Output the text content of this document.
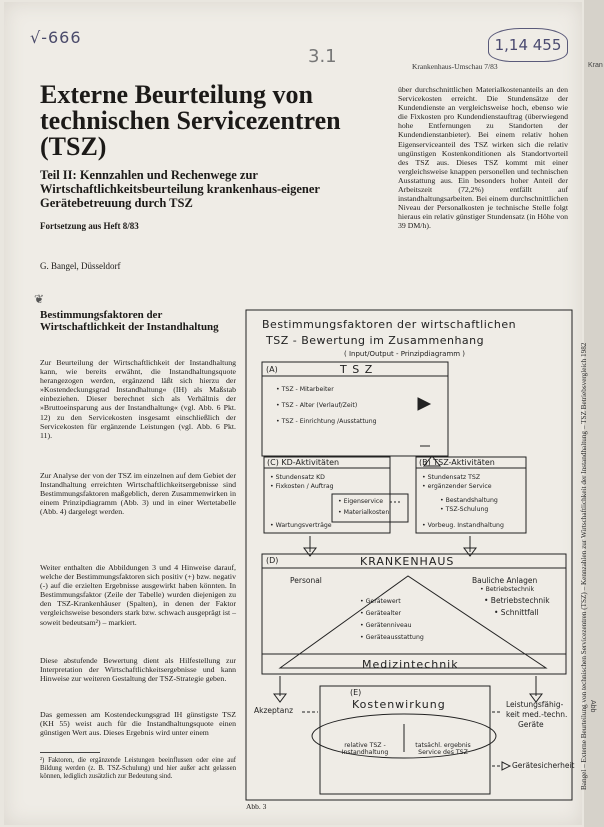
Kran
Abb
√-666
3.1
1,14 455
Krankenhaus-Umschau 7/83
Externe Beurteilung von technischen Servicezentren (TSZ)
Teil II: Kennzahlen und Rechenwege zur Wirtschaftlichkeitsbeurteilung krankenhaus-eigener Gerätebetreuung durch TSZ
Fortsetzung aus Heft 8/83
G. Bangel, Düsseldorf
❦
Bestimmungsfaktoren der Wirtschaftlichkeit der Instandhaltung

Zur Beurteilung der Wirtschaftlichkeit der Instandhaltung kann, wie bereits erwähnt, die Instandhaltungsquote herangezogen werden, ergänzend läßt sich hierzu der »Kostendeckungsgrad Instandhaltung« (IH) als Maßstab einbeziehen. Dieser berechnet sich als Verhältnis der »Bruttoeinsparung aus der Instandhaltung« (vgl. Abb. 6 Pkt. 12) zu den Servicekosten insgesamt einschließlich der Servicekosten für ergänzende Leistungen (vgl. Abb. 6 Pkt. 11).

Zur Analyse der von der TSZ im einzelnen auf dem Gebiet der Instandhaltung erreichten Wirtschaftlichkeitsergebnisse sind Bestimmungsfaktoren maßgeblich, deren Zusammenwirken in einem Prinzipdiagramm (Abb. 3) und in einer Wertetabelle (Abb. 4) dargelegt werden.

Weiter enthalten die Abbildungen 3 und 4 Hinweise darauf, welche der Bestimmungsfaktoren sich positiv (+) bzw. negativ (-) auf die erzielten Ergebnisse ausgewirkt haben könnten. In Bestimmungsfaktor (Zeile der Tabelle) wurden diejenigen zu den TSZ-Krankenhäuser (Spalten), in denen der Faktor vergleichsweise besonders stark bzw. schwach ausgeprägt ist – soweit bedeutsam²) – markiert.

Diese abstufende Bewertung dient als Hilfestellung zur Interpretation der Wirtschaftlichkeitsergebnisse und kann Hinweise zur weiteren Gestaltung der TSZ-Strategie geben.

Das gemessen am Kostendeckungsgrad IH günstigste TSZ (KH 55) weist auch für die Instandhaltungsquote einen günstigen Wert aus. Dieses Ergebnis wird unter einem

²) Faktoren, die ergänzende Leistungen beeinflussen oder eine auf Bildung werden (z. B. TSZ-Schulung) und hier außer acht gelassen können, lediglich zusätzlich zur Bedeutung sind.

über durchschnittlichen Materialkostenanteils an den Servicekosten erreicht. Die Stundensätze der Kundendienste an vergleichsweise hoch, ebenso wie die Fixkosten pro Kundendienstauftrag (überwiegend hohe Entfernungen zu Standorten der Kundendienstanbieter). Bei einem relativ hohen Eigenserviceanteil des TSZ wirken sich die relativ ungünstigen Kostenkonditionen als Standortvorteil des TSZ aus. Dieses TSZ kommt mit einer vergleichsweise knappen personellen und technischen Ausstattung aus. Ein besonders hoher Anteil der Arbeitszeit (72,2%) entfällt auf instandhaltungsarbeiten. Bei einem durchschnittlichen Niveau der Personalkosten je technische Stelle folgt hieraus ein relativ günstiger Stundensatz (in Höhe von 39 DM/h).

Abb. 3
Bestimmungsfaktoren der wirtschaftlichen
TSZ - Bewertung im Zusammenhang
( Input/Output - Prinzipdiagramm )
(A)	T S Z
• TSZ - Mitarbeiter
• TSZ - Alter (Verlauf/Zeit)
• TSZ - Einrichtung /Ausstattung
(C) KD-Aktivitäten
• Stundensatz KD
• Fixkosten / Auftrag
• Wartungsverträge
(B) TSZ-Aktivitäten
• Stundensatz TSZ
• ergänzender Service
• Bestandshaltung
• TSZ-Schulung
• Vorbeug. Instandhaltung
• Eigenservice
• Materialkosten
(D)	KRANKENHAUS
Personal	Bauliche Anlagen
• Betriebstechnik
• Betriebstechnik
• Schnittfall
• Gerätewert
• Gerätealter
• Gerätenniveau
• Geräteausstattung
Medizintechnik
(E)
Kostenwirkung
relative TSZ - Instandhaltung
tatsächl. ergebnis Service des TSZ
Akzeptanz
Leistungsfähig-
keit med.-techn.
Geräte
Gerätesicherheit Bangel – Externe Beurteilung von technischen Servicezentren (TSZ) – Kennzahlen zur Wirtschaftlichkeit der Instandhaltung – TSZ Betriebsvergleich 1982
